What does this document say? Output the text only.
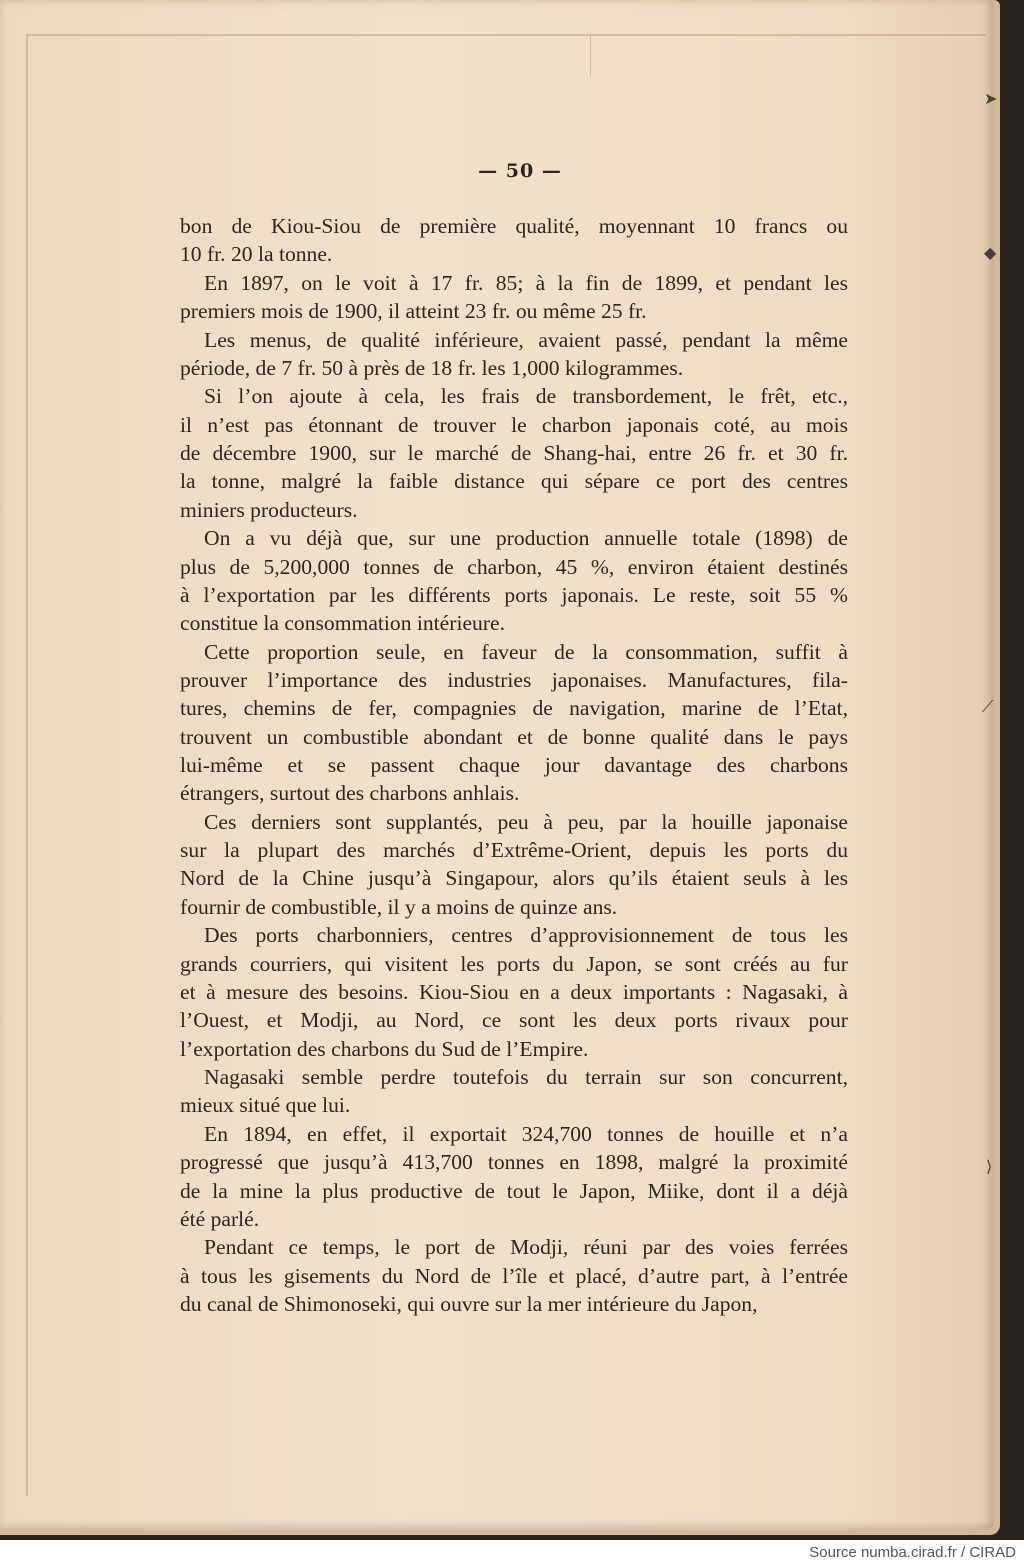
— 50 —
bon de Kiou-Siou de première qualité, moyennant 10 francs ou
10 fr. 20 la tonne.
En 1897, on le voit à 17 fr. 85; à la fin de 1899, et pendant les
premiers mois de 1900, il atteint 23 fr. ou même 25 fr.
Les menus, de qualité inférieure, avaient passé, pendant la même
période, de 7 fr. 50 à près de 18 fr. les 1,000 kilogrammes.
Si l’on ajoute à cela, les frais de transbordement, le frêt, etc.,
il n’est pas étonnant de trouver le charbon japonais coté, au mois
de décembre 1900, sur le marché de Shang-hai, entre 26 fr. et 30 fr.
la tonne, malgré la faible distance qui sépare ce port des centres
miniers producteurs.
On a vu déjà que, sur une production annuelle totale (1898) de
plus de 5,200,000 tonnes de charbon, 45 %, environ étaient destinés
à l’exportation par les différents ports japonais. Le reste, soit 55 %
constitue la consommation intérieure.
Cette proportion seule, en faveur de la consommation, suffit à
prouver l’importance des industries japonaises. Manufactures, fila-
tures, chemins de fer, compagnies de navigation, marine de l’Etat,
trouvent un combustible abondant et de bonne qualité dans le pays
lui-même et se passent chaque jour davantage des charbons
étrangers, surtout des charbons anhlais.
Ces derniers sont supplantés, peu à peu, par la houille japonaise
sur la plupart des marchés d’Extrême-Orient, depuis les ports du
Nord de la Chine jusqu’à Singapour, alors qu’ils étaient seuls à les
fournir de combustible, il y a moins de quinze ans.
Des ports charbonniers, centres d’approvisionnement de tous les
grands courriers, qui visitent les ports du Japon, se sont créés au fur
et à mesure des besoins. Kiou-Siou en a deux importants : Nagasaki, à
l’Ouest, et Modji, au Nord, ce sont les deux ports rivaux pour
l’exportation des charbons du Sud de l’Empire.
Nagasaki semble perdre toutefois du terrain sur son concurrent,
mieux situé que lui.
En 1894, en effet, il exportait 324,700 tonnes de houille et n’a
progressé que jusqu’à 413,700 tonnes en 1898, malgré la proximité
de la mine la plus productive de tout le Japon, Miike, dont il a déjà
été parlé.
Pendant ce temps, le port de Modji, réuni par des voies ferrées
à tous les gisements du Nord de l’île et placé, d’autre part, à l’entrée
du canal de Shimonoseki, qui ouvre sur la mer intérieure du Japon,
➤
◆
⟋
⟩
Source numba.cirad.fr / CIRAD
